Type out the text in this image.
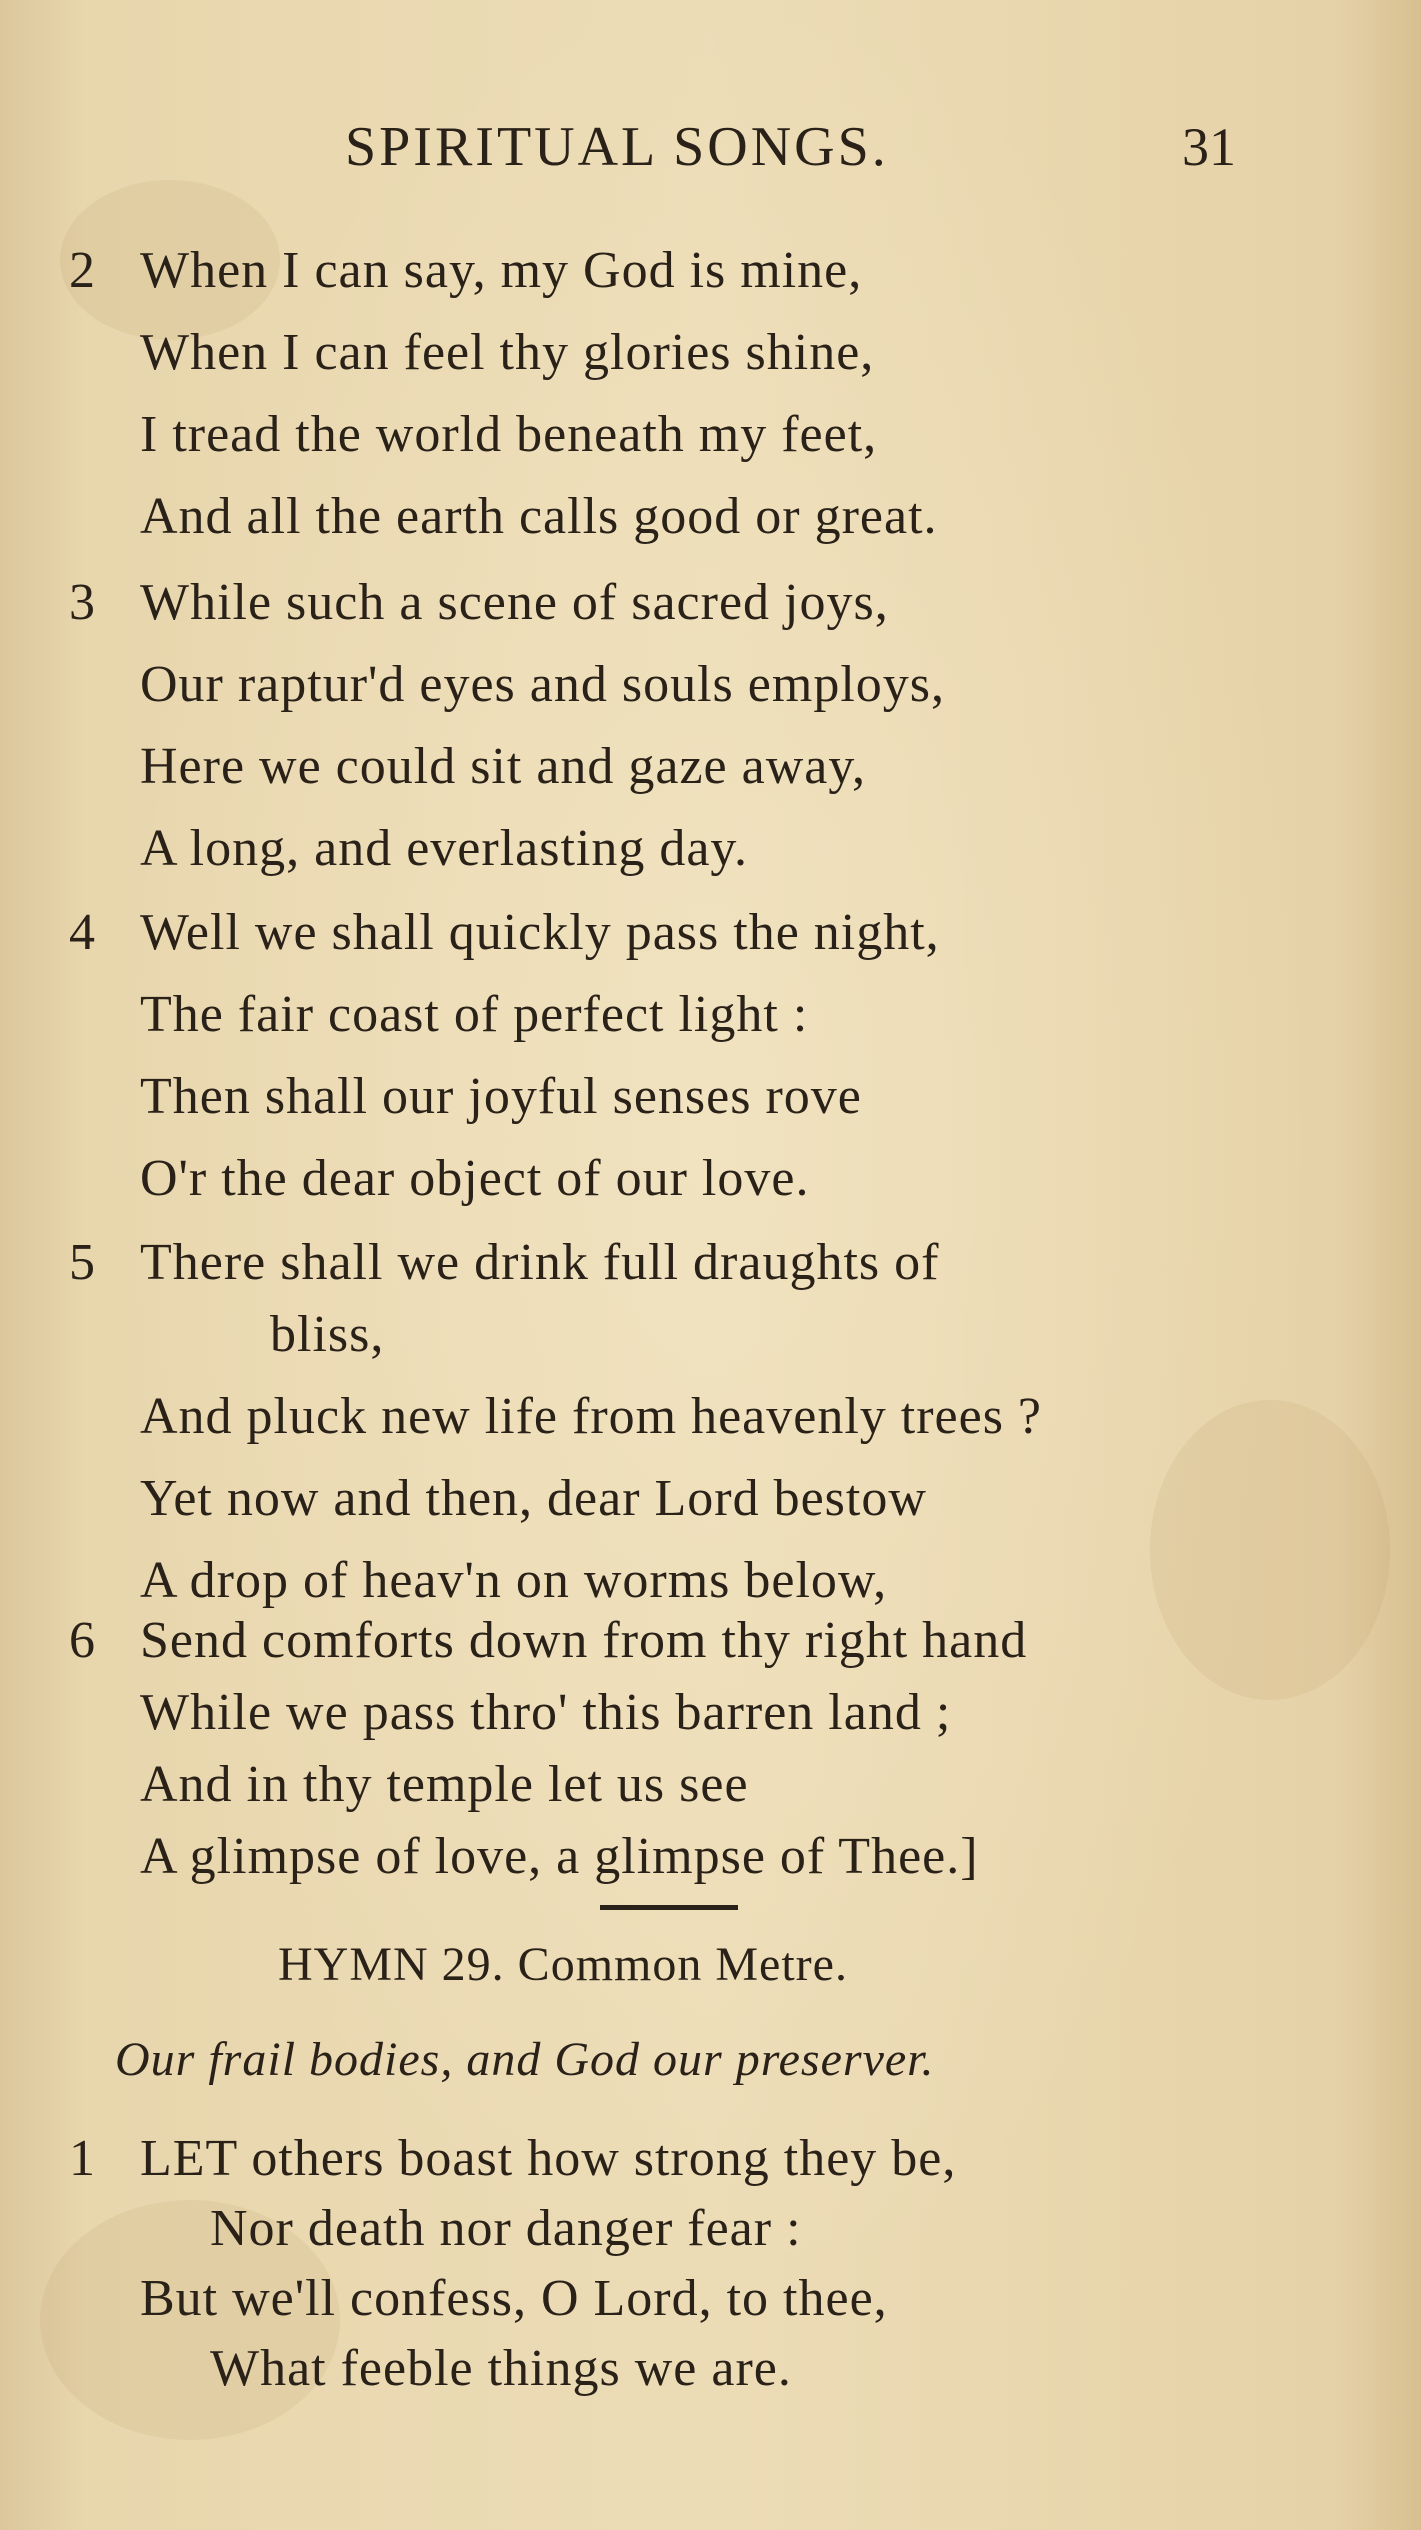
SPIRITUAL SONGS.	31
2 When I can say, my God is mine,
When I can feel thy glories shine,
I tread the world beneath my feet,
And all the earth calls good or great.
3 While such a scene of sacred joys,
Our raptur'd eyes and souls employs,
Here we could sit and gaze away,
A long, and everlasting day.
4 Well we shall quickly pass the night,
The fair coast of perfect light :
Then shall our joyful senses rove
O'r the dear object of our love.
5 There shall we drink full draughts of
bliss,
And pluck new life from heavenly trees ?
Yet now and then, dear Lord bestow
A drop of heav'n on worms below,
6 Send comforts down from thy right hand
While we pass thro' this barren land ;
And in thy temple let us see
A glimpse of love, a glimpse of Thee.]
HYMN 29. Common Metre.
Our frail bodies, and God our preserver.
1 LET others boast how strong they be,
Nor death nor danger fear :
But we'll confess, O Lord, to thee,
What feeble things we are.
